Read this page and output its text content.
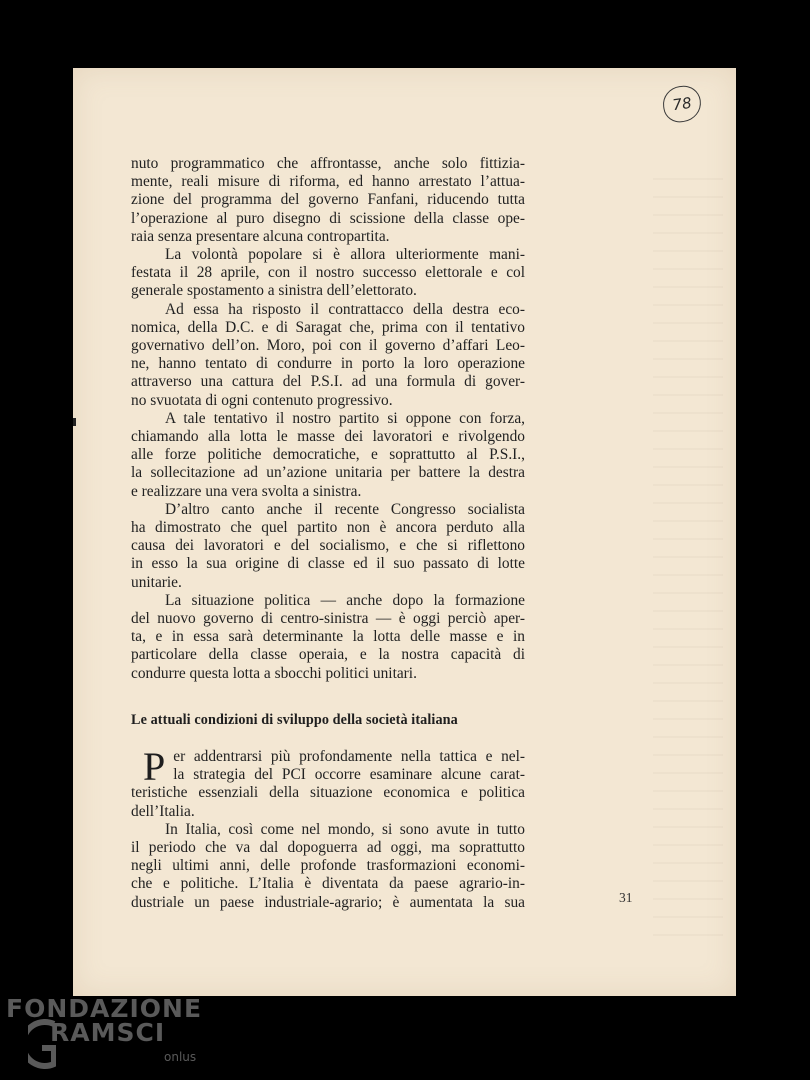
78
nuto programmatico che affrontasse, anche solo fittizia-
mente, reali misure di riforma, ed hanno arrestato l’attua-
zione del programma del governo Fanfani, riducendo tutta
l’operazione al puro disegno di scissione della classe ope-
raia senza presentare alcuna contropartita.
La volontà popolare si è allora ulteriormente mani-
festata il 28 aprile, con il nostro successo elettorale e col
generale spostamento a sinistra dell’elettorato.
Ad essa ha risposto il contrattacco della destra eco-
nomica, della D.C. e di Saragat che, prima con il tentativo
governativo dell’on. Moro, poi con il governo d’affari Leo-
ne, hanno tentato di condurre in porto la loro operazione
attraverso una cattura del P.S.I. ad una formula di gover-
no svuotata di ogni contenuto progressivo.
A tale tentativo il nostro partito si oppone con forza,
chiamando alla lotta le masse dei lavoratori e rivolgendo
alle forze politiche democratiche, e soprattutto al P.S.I.,
la sollecitazione ad un’azione unitaria per battere la destra
e realizzare una vera svolta a sinistra.
D’altro canto anche il recente Congresso socialista
ha dimostrato che quel partito non è ancora perduto alla
causa dei lavoratori e del socialismo, e che si riflettono
in esso la sua origine di classe ed il suo passato di lotte
unitarie.
La situazione politica — anche dopo la formazione
del nuovo governo di centro-sinistra — è oggi perciò aper-
ta, e in essa sarà determinante la lotta delle masse e in
particolare della classe operaia, e la nostra capacità di
condurre questa lotta a sbocchi politici unitari.
Le attuali condizioni di sviluppo della società italiana
P er addentrarsi più profondamente nella tattica e nel-
la strategia del PCI occorre esaminare alcune carat-
teristiche essenziali della situazione economica e politica
dell’Italia.
In Italia, così come nel mondo, si sono avute in tutto
il periodo che va dal dopoguerra ad oggi, ma soprattutto
negli ultimi anni, delle profonde trasformazioni economi-
che e politiche. L’Italia è diventata da paese agrario-in-
dustriale un paese industriale-agrario; è aumentata la sua	31
FONDAZIONE
RAMSCI
onlus
